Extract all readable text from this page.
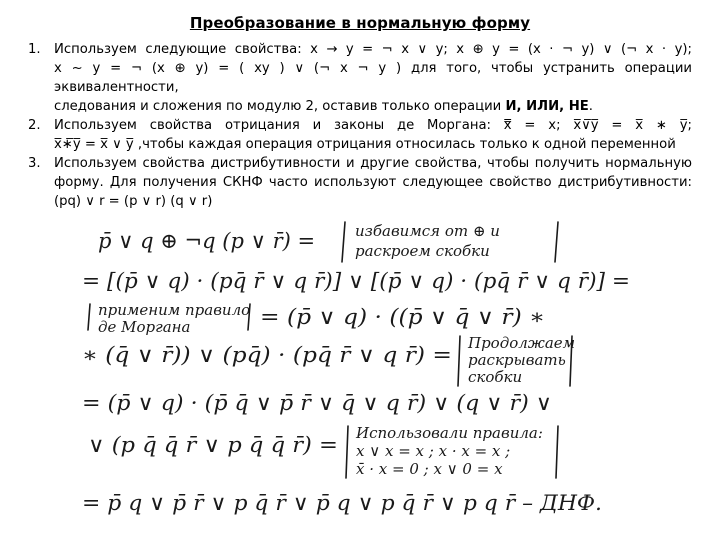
Преобразование в нормальную форму
1.	Используем следующие свойства: x → y = ¬ x ∨ y; x ⊕ y = (x · ¬ y) ∨ (¬ x · y);
x ~ y = ¬ (x ⊕ y) = ( xy ) ∨ (¬ x ¬ y ) для того, чтобы устранить операции эквивалентности,
следования и сложения по модулю 2, оставив только операции И, ИЛИ, НЕ.
2.	Используем свойства отрицания и законы де Моргана: x̿ = x; x̅∨̅y̅ = x̅ ∗ y̅;
x̅∗̅y̅ = x̅ ∨ y̅ ,чтобы каждая операция отрицания относилась только к одной переменной
3.	Используем свойства дистрибутивности и другие свойства, чтобы получить нормальную
форму. Для получения СКНФ часто используют следующее свойство дистрибутивности:
(pq) ∨ r = (p ∨ r) (q ∨ r)
p̄ ∨ q ⊕ ¬q (p ∨ r̄) =	избавимся от ⊕ и
раскроем скобки
= [(p̄ ∨ q) · (pq̄ r̄ ∨ q r̄)] ∨ [(p̄ ∨ q) · (pq̄ r̄ ∨ q r̄)] =
применим правило
де Моргана	= (p̄ ∨ q) · ((p̄ ∨ q̄ ∨ r̄) ∗
∗ (q̄ ∨ r̄)) ∨ (pq̄) · (pq̄ r̄ ∨ q r̄) = Продолжаем
раскрывать
скобки
= (p̄ ∨ q) · (p̄ q̄ ∨ p̄ r̄ ∨ q̄ ∨ q r̄) ∨ (q ∨ r̄) ∨
∨ (p q̄ q̄ r̄ ∨ p q̄ q̄ r̄) = Использовали правила:
x ∨ x = x ; x · x = x ;
x̄ · x = 0 ; x ∨ 0 = x
= p̄ q ∨ p̄ r̄ ∨ p q̄ r̄ ∨ p̄ q ∨ p q̄ r̄ ∨ p q r̄ – ДНФ.
